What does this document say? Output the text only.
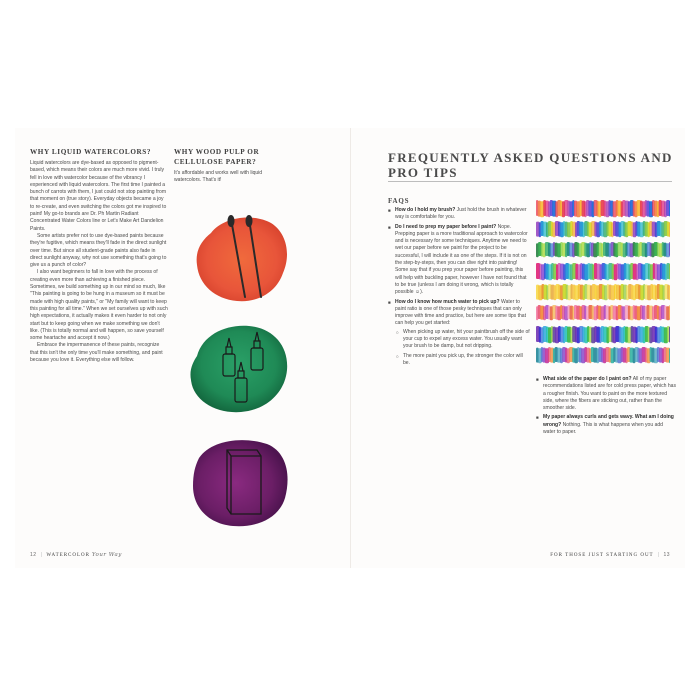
WHY LIQUID WATERCOLORS?

Liquid watercolors are dye-based as opposed to pigment-based, which means their colors are much more vivid. I truly fell in love with watercolor because of the vibrancy I experienced with liquid watercolors. The first time I painted a bunch of carrots with them, I just could not stop painting from that moment on (true story). Everyday objects became a joy to re-create, and even switching the colors got me inspired to paint! My go-to brands are Dr. Ph Martin Radiant Concentrated Water Colors line or Let's Make Art Dandelion Paints.

Some artists prefer not to use dye-based paints because they're fugitive, which means they'll fade in the direct sunlight over time. But since all student-grade paints also fade in direct sunlight anyway, why not use something that's going to give us a punch of color?

I also want beginners to fall in love with the process of creating even more than achieving a finished piece. Sometimes, we build something up in our mind so much, like "This painting is going to be hung in a museum so it must be made with high quality paints," or "My family will want to keep this painting for all time." When we set ourselves up with such high expectations, it actually makes it even harder to not only start but to keep going when we make something we don't like. (This is totally normal and will happen, so save yourself some heartache and accept it now.)

Embrace the impermanence of these paints, recognize that this isn't the only time you'll make something, and paint because you love it. Everything else will follow.

WHY WOOD PULP OR CELLULOSE PAPER?

It's affordable and works well with liquid watercolors. That's it!

12 | WATERCOLOR Your Way
FREQUENTLY ASKED QUESTIONS AND PRO TIPS
FAQS
■ How do I hold my brush? Just hold the brush in whatever way is comfortable for you.
■ Do I need to prep my paper before I paint? Nope. Prepping paper is a more traditional approach to watercolor and is necessary for some techniques. Anytime we need to wet our paper before we paint for the project to be successful, I will include it as one of the steps. If it is not on the step-by-steps, then you can dive right into painting! Some say that if you prep your paper before painting, this will help with buckling paper, however I have not found that to be true (unless I am doing it wrong, which is totally possible ☺).
■ How do I know how much water to pick up? Water to paint ratio is one of those pesky techniques that can only improve with time and practice, but here are some tips that can help you get started:
○ When picking up water, hit your paintbrush off the side of your cup to expel any excess water. You usually want your brush to be damp, but not dripping.
○ The more paint you pick up, the stronger the color will be.
■ What side of the paper do I paint on? All of my paper recommendations listed are for cold press paper, which has a rougher finish. You want to paint on the more textured side, where the fibers are sticking out, rather than the smoother side.
■ My paper always curls and gets wavy. What am I doing wrong? Nothing. This is what happens when you add water to paper.
FOR THOSE JUST STARTING OUT | 13
